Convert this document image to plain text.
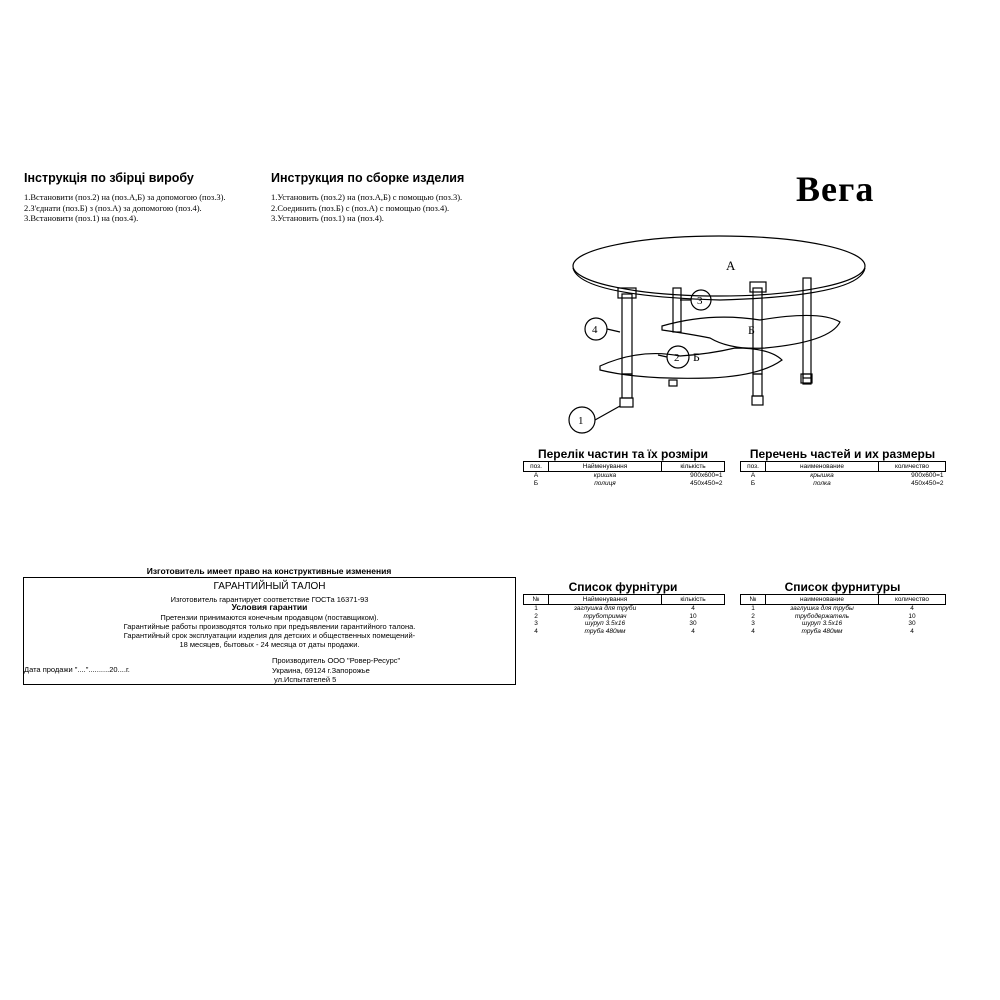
Інструкція по збірці виробу
1.Встановити (поз.2) на (поз.А,Б) за допомогою (поз.3).
2.З'єднати (поз.Б) з (поз.А) за допомогою (поз.4).
3.Встановити (поз.1) на (поз.4).
Инструкция по сборке изделия
1.Установить (поз.2) на (поз.А,Б) с помощью (поз.3).
2.Соединить (поз.Б) с (поз.А) с помощью (поз.4).
3.Установить (поз.1) на (поз.4).
Вега
A
Б
Б
3
4
2
1
Перелік частин та їх розміри
поз.	Найменування	кількість
А	кришка	900x600=1
Б	полиця	450x450=2
Перечень частей и их размеры
поз.	наименование	количество
А	крышка	900x600=1
Б	полка	450x450=2
Изготовитель имеет право на конструктивные изменения
ГАРАНТИЙНЫЙ ТАЛОН
Изготовитель гарантирует соответствие ГОСТа 16371-93
Условия гарантии
Претензии принимаются конечным продавцом (поставщиком).
Гарантийные работы производятся только при предъявлении гарантийного талона.
Гарантийный срок эксплуатации изделия для детских и общественных помещений-
18 месяцев, бытовых - 24 месяца от даты продажи.
Дата продажи "...."..........20....г.
Производитель ООО "Ровер-Ресурс"
Украина, 69124 г.Запорожье
ул.Испытателей 5
Список фурнітури
№	Найменування	кількість
1	заглушка для труби	4
2	труботримач	10
3	шуруп 3.5x16	30
4	труба 480мм	4
Список фурнитуры
№	наименование	количество
1	заглушка для трубы	4
2	трубодержатель	10
3	шуруп 3.5x16	30
4	труба 480мм	4
